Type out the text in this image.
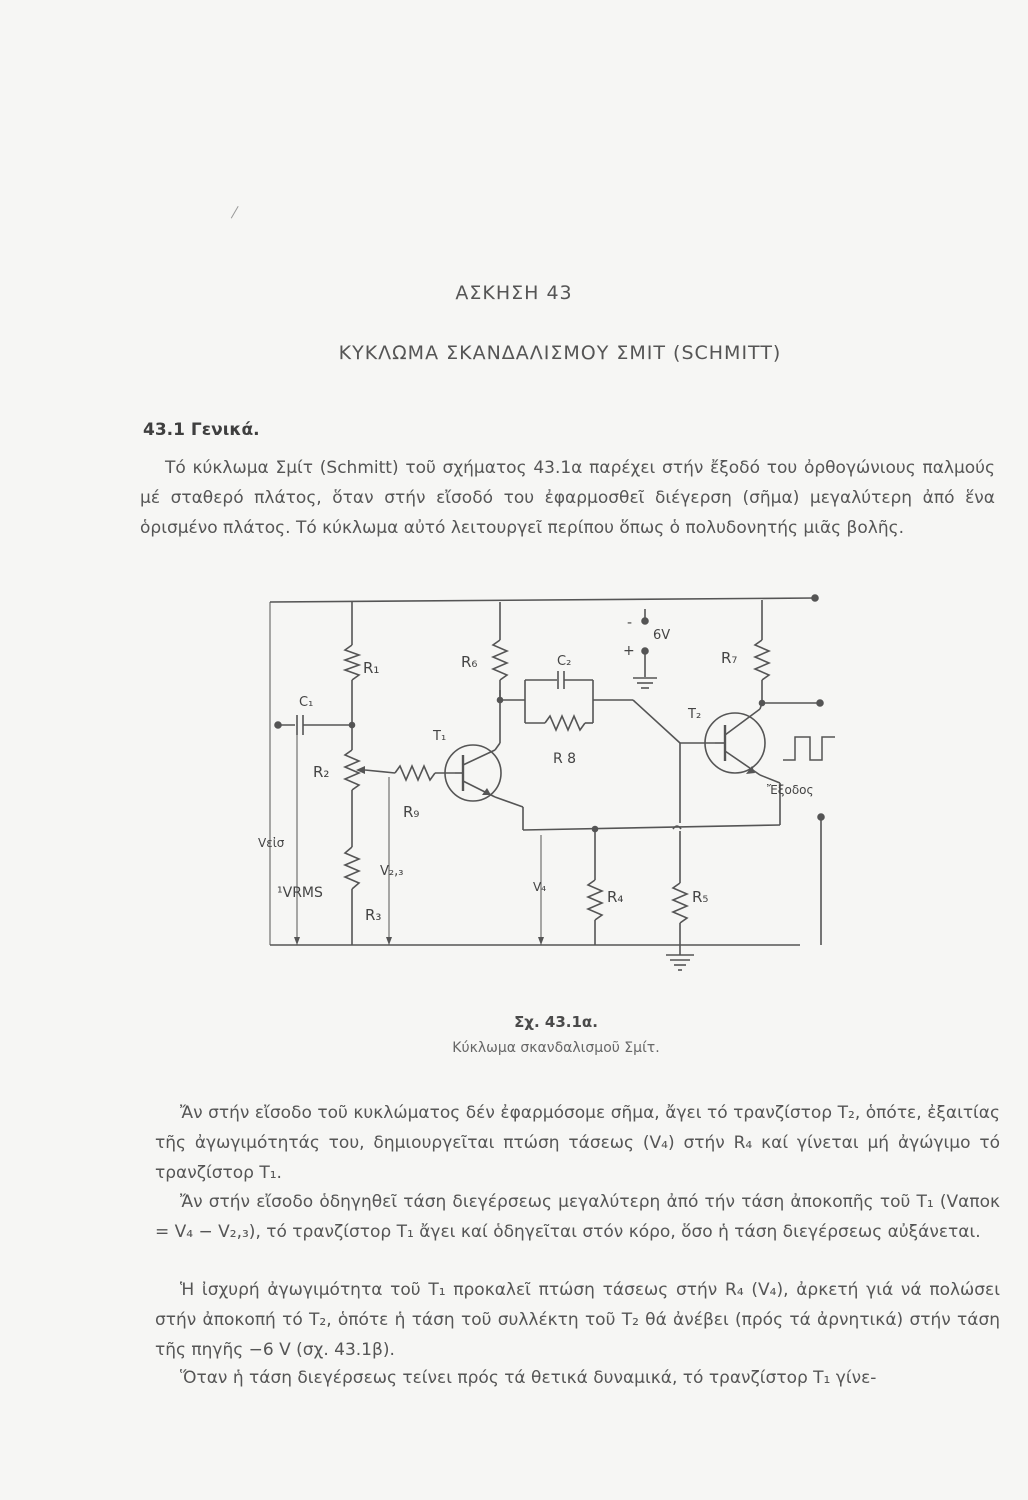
ΑΣΚΗΣΗ 43
ΚΥΚΛΩΜΑ ΣΚΑΝΔΑΛΙΣΜΟΥ ΣΜΙΤ (SCHMITT)
43.1 Γενικά.

Τό κύκλωμα Σμίτ (Schmitt) τοῦ σχήματος 43.1α παρέχει στήν ἔξοδό του ὀρθογώνιους παλμούς μέ σταθερό πλάτος, ὅταν στήν εἴσοδό του ἐφαρμοσθεῖ διέγερση (σῆμα) μεγαλύτερη ἀπό ἕνα ὁρισμένο πλάτος. Τό κύκλωμα αὐτό λειτουργεῖ περίπου ὅπως ὁ πολυδονητής μιᾶς βολῆς.

R₁
R₂
R₃
R₄	R₅
R₆	R₇
R 8
R₉
C₁
C₂
T₁
T₂
6V
-
+
Vεἰσ
¹VRMS
V₂,₃
V₄
Ἔξοδος
Σχ. 43.1α.
Κύκλωμα σκανδαλισμοῦ Σμίτ.

Ἄν στήν εἴσοδο τοῦ κυκλώματος δέν ἐφαρμόσομε σῆμα, ἄγει τό τρανζίστορ Τ₂, ὁπότε, ἐξαιτίας τῆς ἀγωγιμότητάς του, δημιουργεῖται πτώση τάσεως (V₄) στήν R₄ καί γίνεται μή ἀγώγιμο τό τρανζίστορ Τ₁.

Ἄν στήν εἴσοδο ὁδηγηθεῖ τάση διεγέρσεως μεγαλύτερη ἀπό τήν τάση ἀποκοπῆς τοῦ Τ₁ (Vαποκ = V₄ − V₂,₃), τό τρανζίστορ Τ₁ ἄγει καί ὁδηγεῖται στόν κόρο, ὅσο ἡ τάση διεγέρσεως αὐξάνεται.

Ἡ ἰσχυρή ἀγωγιμότητα τοῦ Τ₁ προκαλεῖ πτώση τάσεως στήν R₄ (V₄), ἀρκετή γιά νά πολώσει στήν ἀποκοπή τό Τ₂, ὁπότε ἡ τάση τοῦ συλλέκτη τοῦ Τ₂ θά ἀνέβει (πρός τά ἀρνητικά) στήν τάση τῆς πηγῆς −6 V (σχ. 43.1β).

Ὅταν ἡ τάση διεγέρσεως τείνει πρός τά θετικά δυναμικά, τό τρανζίστορ Τ₁ γίνε-
